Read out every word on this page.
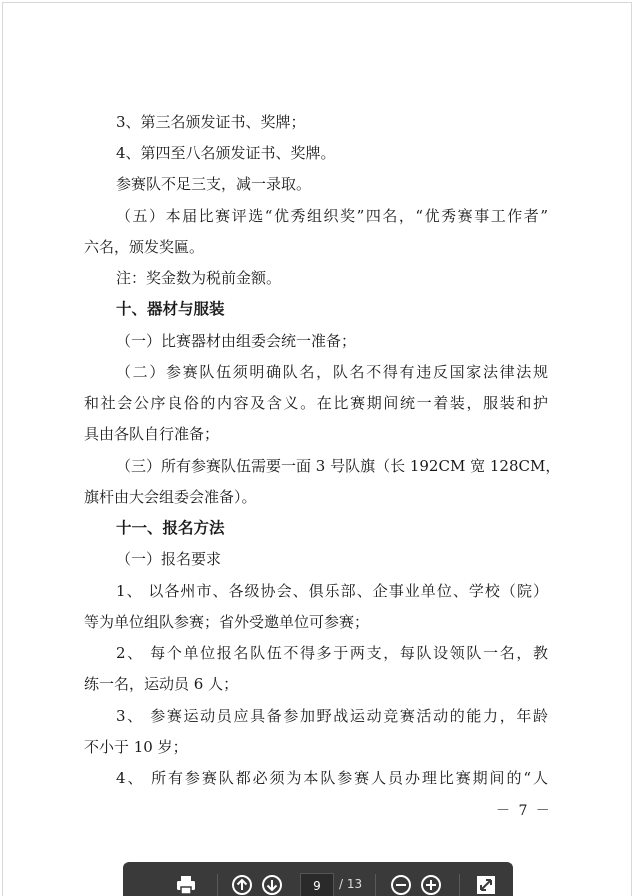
3、第三名颁发证书、奖牌；
4、第四至八名颁发证书、奖牌。
参赛队不足三支，减一录取。
（五）本届比赛评选“优秀组织奖”四名，“优秀赛事工作者”
六名，颁发奖匾。
注：奖金数为税前金额。
十、器材与服装
（一）比赛器材由组委会统一准备；
（二）参赛队伍须明确队名，队名不得有违反国家法律法规
和社会公序良俗的内容及含义。在比赛期间统一着装，服装和护
具由各队自行准备；
（三）所有参赛队伍需要一面 3 号队旗（长 192CM 宽 128CM，
旗杆由大会组委会准备）。
十一、报名方法
（一）报名要求
1、 以各州市、各级协会、俱乐部、企事业单位、学校（院）
等为单位组队参赛；省外受邀单位可参赛；
2、 每个单位报名队伍不得多于两支，每队设领队一名，教
练一名，运动员 6 人；
3、 参赛运动员应具备参加野战运动竞赛活动的能力，年龄
不小于 10 岁；
4、 所有参赛队都必须为本队参赛人员办理比赛期间的“人
－ 7 －
9	/ 13
